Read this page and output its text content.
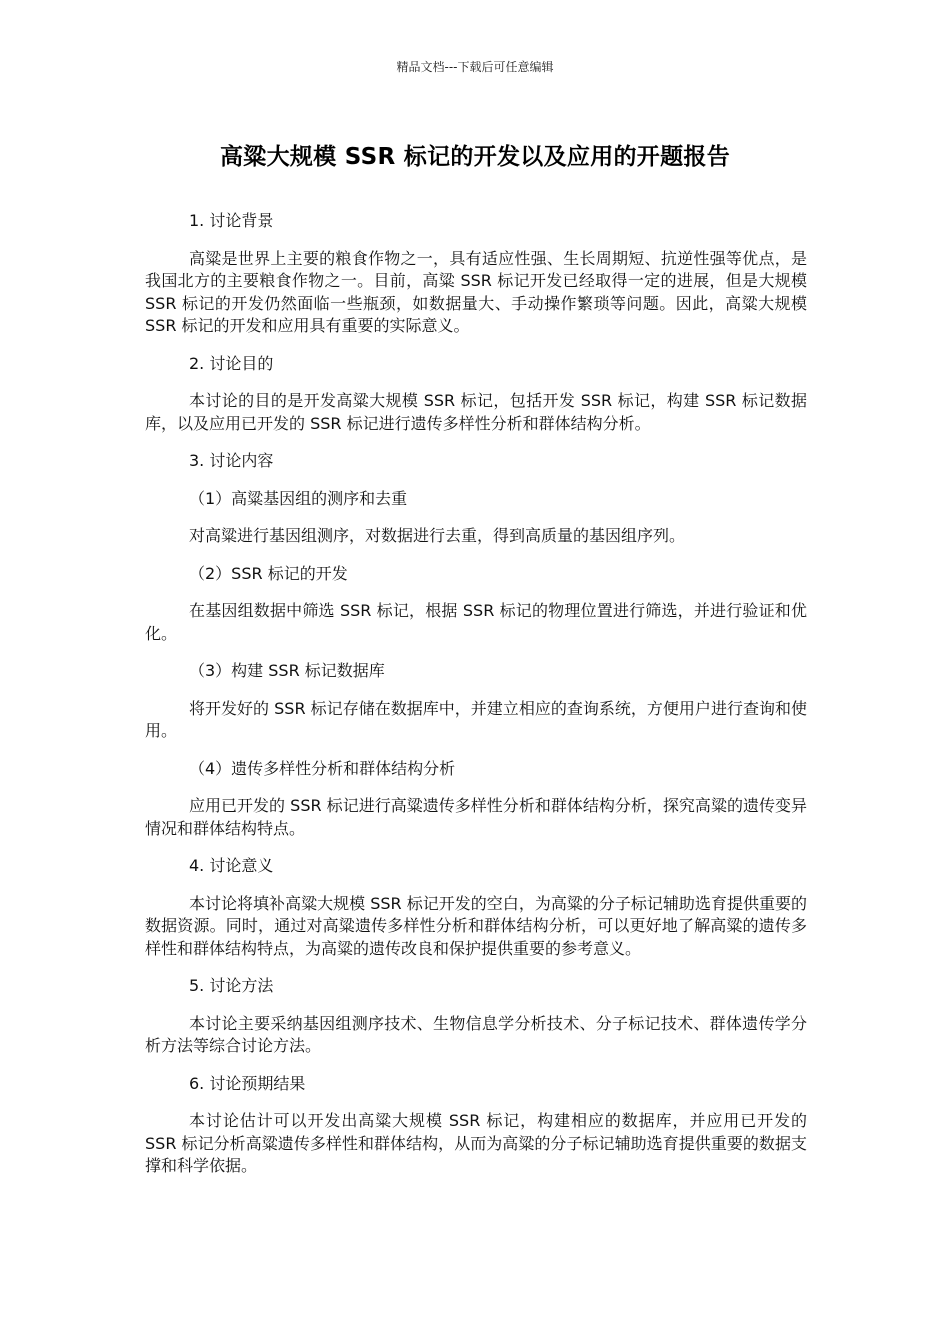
精品文档---下载后可任意编辑
高粱大规模 SSR 标记的开发以及应用的开题报告
1. 讨论背景
高粱是世界上主要的粮食作物之一，具有适应性强、生长周期短、抗逆性强等优点，是我国北方的主要粮食作物之一。目前，高粱 SSR 标记开发已经取得一定的进展，但是大规模 SSR 标记的开发仍然面临一些瓶颈，如数据量大、手动操作繁琐等问题。因此，高粱大规模 SSR 标记的开发和应用具有重要的实际意义。
2. 讨论目的
本讨论的目的是开发高粱大规模 SSR 标记，包括开发 SSR 标记，构建 SSR 标记数据库，以及应用已开发的 SSR 标记进行遗传多样性分析和群体结构分析。
3. 讨论内容
（1）高粱基因组的测序和去重
对高粱进行基因组测序，对数据进行去重，得到高质量的基因组序列。
（2）SSR 标记的开发
在基因组数据中筛选 SSR 标记，根据 SSR 标记的物理位置进行筛选，并进行验证和优化。
（3）构建 SSR 标记数据库
将开发好的 SSR 标记存储在数据库中，并建立相应的查询系统，方便用户进行查询和使用。
（4）遗传多样性分析和群体结构分析
应用已开发的 SSR 标记进行高粱遗传多样性分析和群体结构分析，探究高粱的遗传变异情况和群体结构特点。
4. 讨论意义
本讨论将填补高粱大规模 SSR 标记开发的空白，为高粱的分子标记辅助选育提供重要的数据资源。同时，通过对高粱遗传多样性分析和群体结构分析，可以更好地了解高粱的遗传多样性和群体结构特点，为高粱的遗传改良和保护提供重要的参考意义。
5. 讨论方法
本讨论主要采纳基因组测序技术、生物信息学分析技术、分子标记技术、群体遗传学分析方法等综合讨论方法。
6. 讨论预期结果
本讨论估计可以开发出高粱大规模 SSR 标记，构建相应的数据库，并应用已开发的 SSR 标记分析高粱遗传多样性和群体结构，从而为高粱的分子标记辅助选育提供重要的数据支撑和科学依据。
